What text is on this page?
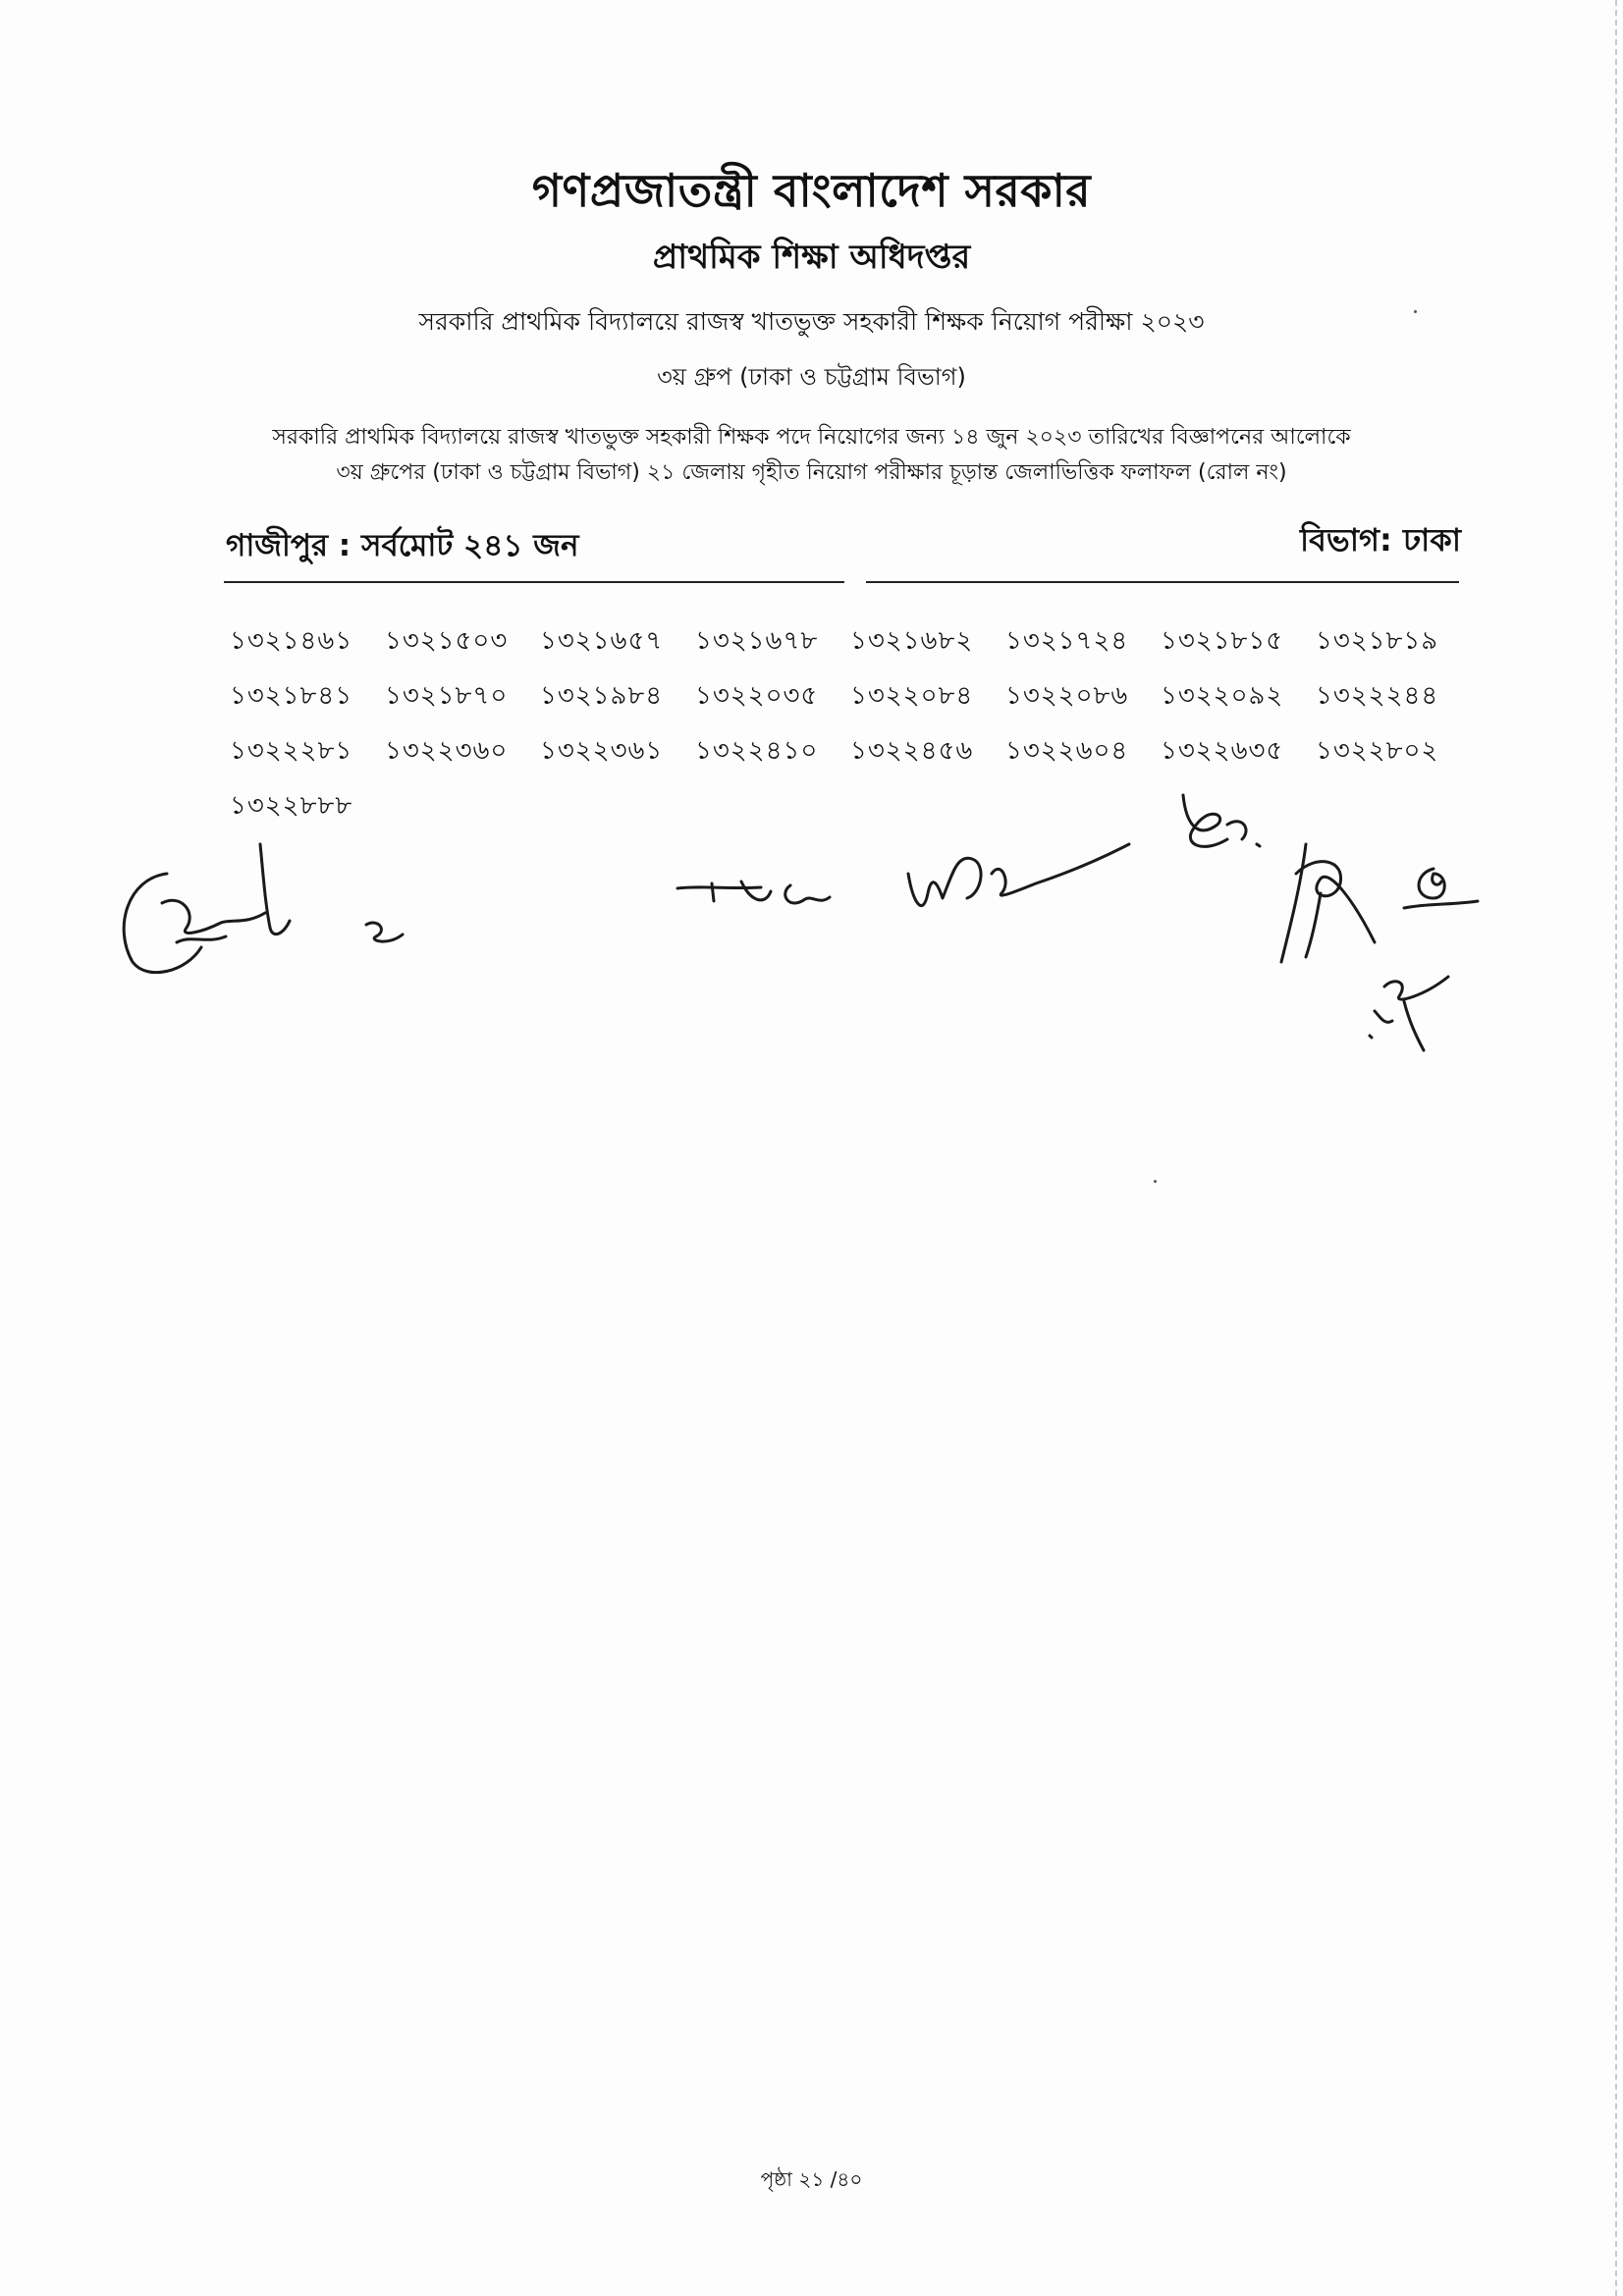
গণপ্রজাতন্ত্রী বাংলাদেশ সরকার
প্রাথমিক শিক্ষা অধিদপ্তর
সরকারি প্রাথমিক বিদ্যালয়ে রাজস্ব খাতভুক্ত সহকারী শিক্ষক নিয়োগ পরীক্ষা ২০২৩
৩য় গ্রুপ (ঢাকা ও চট্টগ্রাম বিভাগ)
সরকারি প্রাথমিক বিদ্যালয়ে রাজস্ব খাতভুক্ত সহকারী শিক্ষক পদে নিয়োগের জন্য ১৪ জুন ২০২৩ তারিখের বিজ্ঞাপনের আলোকে
৩য় গ্রুপের (ঢাকা ও চট্টগ্রাম বিভাগ) ২১ জেলায় গৃহীত নিয়োগ পরীক্ষার চূড়ান্ত জেলাভিত্তিক ফলাফল (রোল নং)
গাজীপুর : সর্বমোট ২৪১ জন	বিভাগ: ঢাকা
১৩২১৪৬১	১৩২১৫০৩	১৩২১৬৫৭	১৩২১৬৭৮	১৩২১৬৮২	১৩২১৭২৪	১৩২১৮১৫	১৩২১৮১৯
১৩২১৮৪১	১৩২১৮৭০	১৩২১৯৮৪	১৩২২০৩৫	১৩২২০৮৪	১৩২২০৮৬	১৩২২০৯২	১৩২২২৪৪
১৩২২২৮১	১৩২২৩৬০	১৩২২৩৬১	১৩২২৪১০	১৩২২৪৫৬	১৩২২৬০৪	১৩২২৬৩৫	১৩২২৮০২
১৩২২৮৮৮
পৃষ্ঠা ২১ /৪০
